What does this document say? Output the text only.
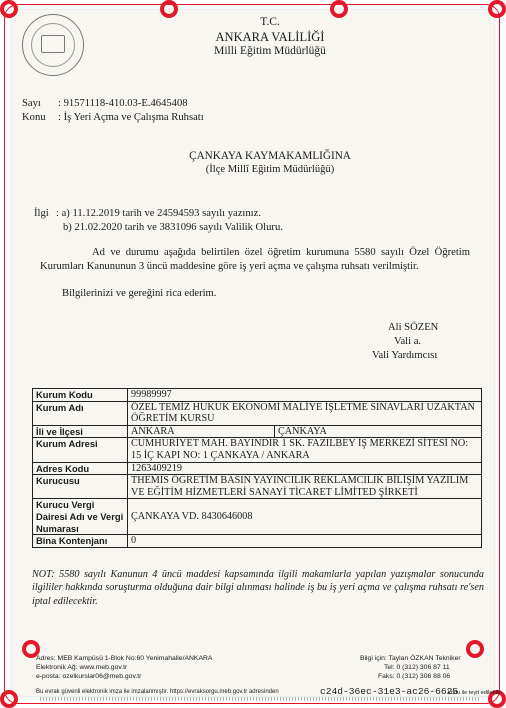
T.C.
ANKARA VALİLİĞİ
Milli Eğitim Müdürlüğü
Sayı : 91571118-410.03-E.4645408
Konu : İş Yeri Açma ve Çalışma Ruhsatı
ÇANKAYA KAYMAKAMLIĞINA
(İlçe Millî Eğitim Müdürlüğü)
İlgi : a) 11.12.2019 tarih ve 24594593 sayılı yazınız.
b) 21.02.2020 tarih ve 3831096 sayılı Valilik Oluru.
Ad ve durumu aşağıda belirtilen özel öğretim kurumuna 5580 sayılı Özel Öğretim Kurumları Kanununun 3 üncü maddesine göre iş yeri açma ve çalışma ruhsatı verilmiştir.
Bilgilerinizi ve gereğini rica ederim.
Ali SÖZEN
Vali a.
Vali Yardımcısı
Kurum Kodu	99989997	
Kurum Adı	ÖZEL TEMİZ HUKUK EKONOMİ MALİYE İŞLETME SINAVLARI UZAKTAN ÖĞRETİM KURSU	
İli ve İlçesi	ANKARA	ÇANKAYA
Kurum Adresi	CUMHURİYET MAH. BAYINDIR 1 SK. FAZILBEY İŞ MERKEZİ SİTESİ NO: 15 İÇ KAPI NO: 1 ÇANKAYA / ANKARA	
Adres Kodu	1263409219	
Kurucusu	THEMIS ÖĞRETİM BASIN YAYINCILIK REKLAMCILIK BİLİŞİM YAZILIM VE EĞİTİM HİZMETLERİ SANAYİ TİCARET LİMİTED ŞİRKETİ	
Kurucu Vergi Dairesi Adı ve Vergi Numarası	ÇANKAYA VD. 8430646008	
Bina Kontenjanı	0	
NOT: 5580 sayılı Kanunun 4 üncü maddesi kapsamında ilgili makamlarla yapılan yazışmalar sonucunda ilgililer hakkında soruşturma olduğuna dair bilgi alınması halinde iş bu iş yeri açma ve çalışma ruhsatı re'sen iptal edilecektir.
Adres: MEB Kampüsü 1-Blok No:60 Yenimahalle/ANKARA
Elektronik Ağ: www.meb.gov.tr
e-posta: ozelkurslar06@meb.gov.tr
Bilgi için: Taylan ÖZKAN Tekniker
Tel: 0 (312) 306 87 11
Faks: 0 (312) 306 88 06
Bu evrak güvenli elektronik imza ile imzalanmıştır. https://evraksorgu.meb.gov.tr adresinden	c24d-36ec-31e3-ac26-6625
kodu ile teyit edilebilir.
